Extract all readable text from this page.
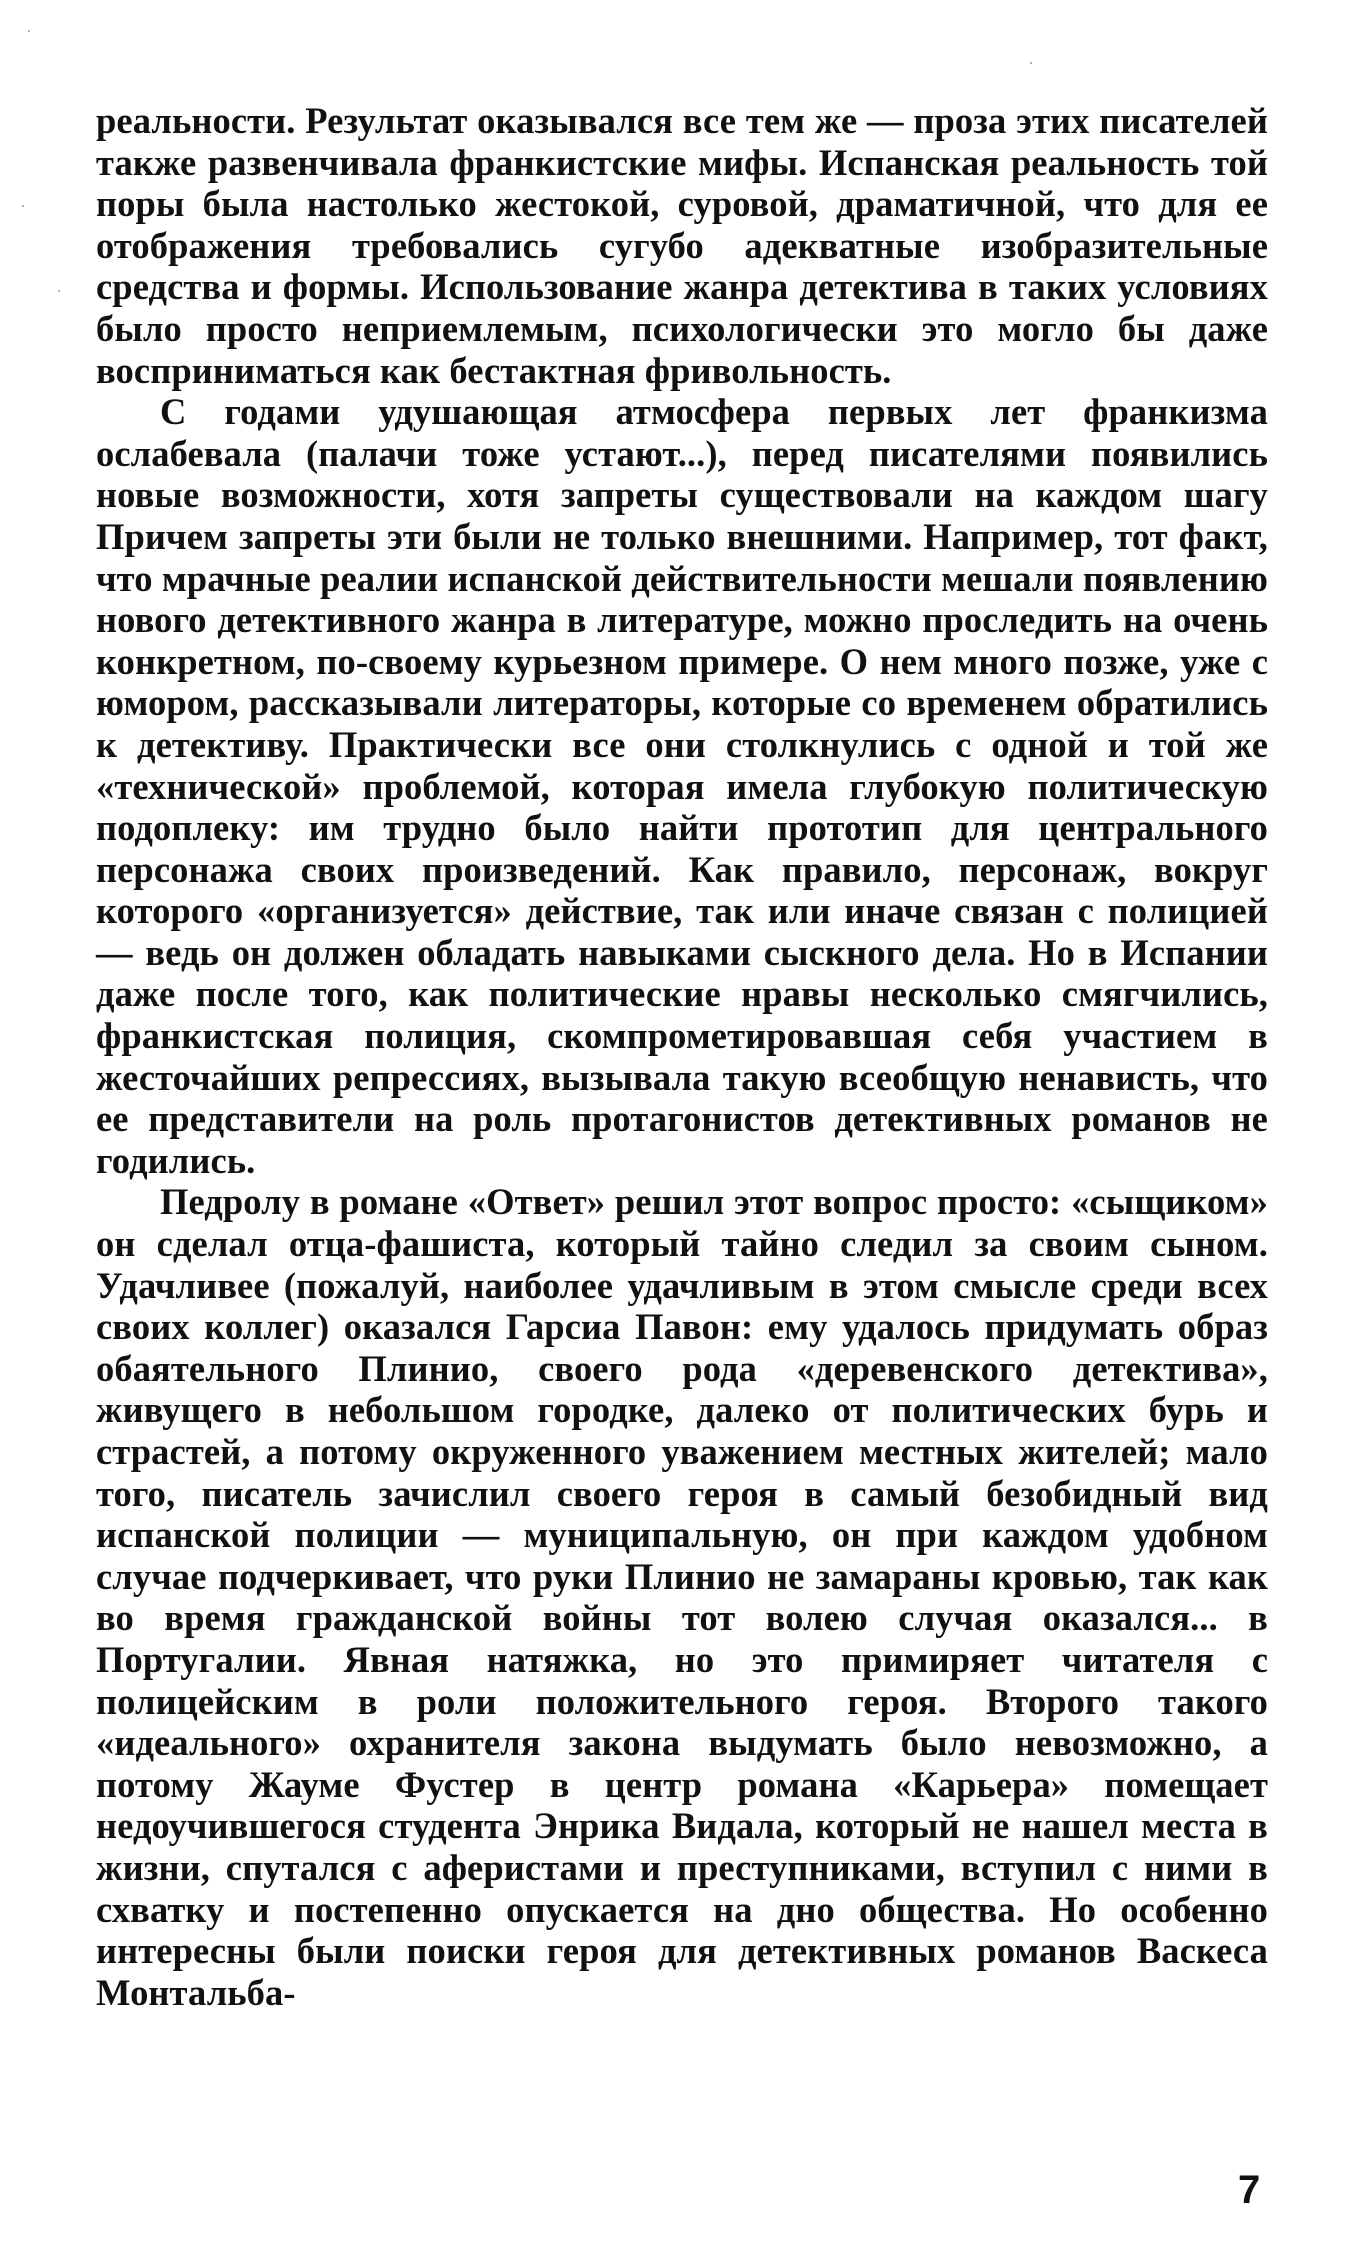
реальности. Результат оказывался все тем же — проза этих писателей также развенчивала франкистские мифы. Испанская реальность той поры была настолько жестокой, суровой, драматичной, что для ее отображения требовались сугубо адекватные изобразительные средства и формы. Использование жанра детектива в таких условиях было просто неприемлемым, психологически это могло бы даже восприниматься как бестактная фривольность.

С годами удушающая атмосфера первых лет франкизма ослабевала (палачи тоже устают...), перед писателями появились новые возможности, хотя запреты существовали на каждом шагу Причем запреты эти были не только внешними. Например, тот факт, что мрачные реалии испанской действительности мешали появлению нового детективного жанра в литературе, можно проследить на очень конкретном, по-своему курьезном примере. О нем много позже, уже с юмором, рассказывали литераторы, которые со временем обратились к детективу. Практически все они столкнулись с одной и той же «технической» проблемой, которая имела глубокую политическую подоплеку: им трудно было найти прототип для центрального персонажа своих произведений. Как правило, персонаж, вокруг которого «организуется» действие, так или иначе связан с полицией — ведь он должен обладать навыками сыскного дела. Но в Испании даже после того, как политические нравы несколько смягчились, франкистская полиция, скомпрометировавшая себя участием в жесточайших репрессиях, вызывала такую всеобщую ненависть, что ее представители на роль протагонистов детективных романов не годились.

Педролу в романе «Ответ» решил этот вопрос просто: «сыщиком» он сделал отца-фашиста, который тайно следил за своим сыном. Удачливее (пожалуй, наиболее удачливым в этом смысле среди всех своих коллег) оказался Гарсиа Павон: ему удалось придумать образ обаятельного Плинио, своего рода «деревенского детектива», живущего в небольшом городке, далеко от политических бурь и страстей, а потому окруженного уважением местных жителей; мало того, писатель зачислил своего героя в самый безобидный вид испанской полиции — муниципальную, он при каждом удобном случае подчеркивает, что руки Плинио не замараны кровью, так как во время гражданской войны тот волею случая оказался... в Португалии. Явная натяжка, но это примиряет читателя с полицейским в роли положительного героя. Второго такого «идеального» охранителя закона выдумать было невозможно, а потому Жауме Фустер в центр романа «Карьера» помещает недоучившегося студента Энрика Видала, который не нашел места в жизни, спутался с аферистами и преступниками, вступил с ними в схватку и постепенно опускается на дно общества. Но особенно интересны были поиски героя для детективных романов Васкеса Монтальба-

7
